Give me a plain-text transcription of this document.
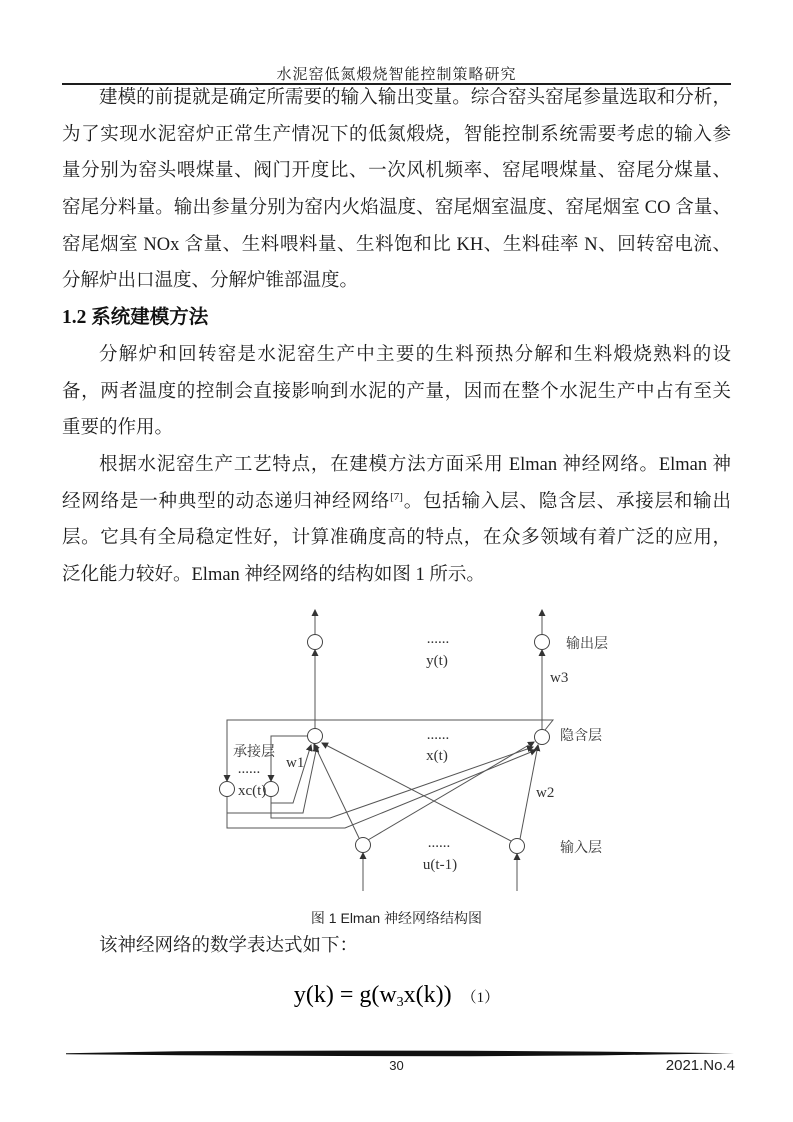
水泥窑低氮煅烧智能控制策略研究
建模的前提就是确定所需要的输入输出变量。综合窑头窑尾参量选取和分析，
为了实现水泥窑炉正常生产情况下的低氮煅烧，智能控制系统需要考虑的输入参
量分别为窑头喂煤量、阀门开度比、一次风机频率、窑尾喂煤量、窑尾分煤量、
窑尾分料量。输出参量分别为窑内火焰温度、窑尾烟室温度、窑尾烟室 CO 含量、
窑尾烟室 NOx 含量、生料喂料量、生料饱和比 KH、生料硅率 N、回转窑电流、
分解炉出口温度、分解炉锥部温度。
1.2 系统建模方法
分解炉和回转窑是水泥窑生产中主要的生料预热分解和生料煅烧熟料的设
备，两者温度的控制会直接影响到水泥的产量，因而在整个水泥生产中占有至关
重要的作用。
根据水泥窑生产工艺特点，在建模方法方面采用 Elman 神经网络。Elman 神
经网络是一种典型的动态递归神经网络[7]。包括输入层、隐含层、承接层和输出
层。它具有全局稳定性好，计算准确度高的特点，在众多领域有着广泛的应用，
泛化能力较好。Elman 神经网络的结构如图 1 所示。
......
y(t)
输出层
w3
......
x(t)
隐含层
承接层
w1
......
xc(t)	w2
......
u(t-1)
输入层
图 1 Elman 神经网络结构图
该神经网络的数学表达式如下：
y(k) = g(w3x(k)) （1）
30	2021.No.4
